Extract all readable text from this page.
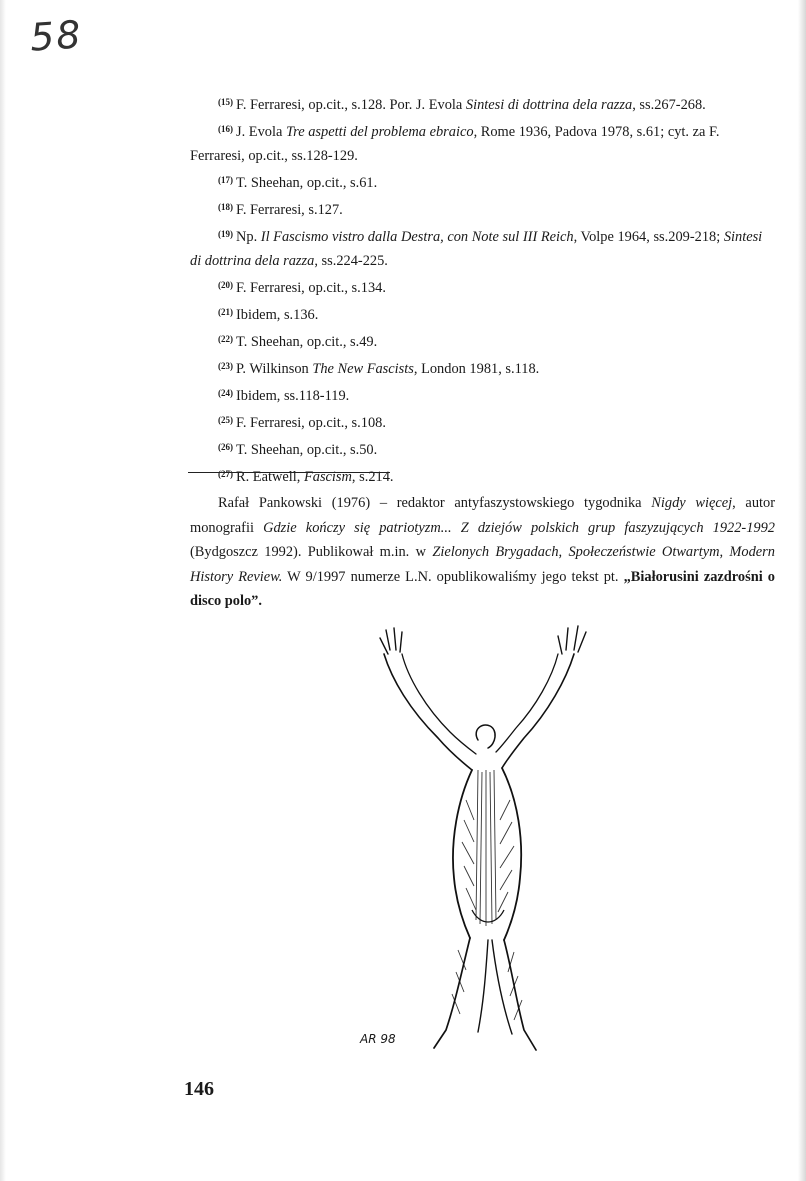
58

$^{(15)}$ F. Ferraresi, op.cit., s.128. Por. J. Evola Sintesi di dottrina dela razza, ss.267-268.

$^{(16)}$ J. Evola Tre aspetti del problema ebraico, Rome 1936, Padova 1978, s.61; cyt. za F. Ferraresi, op.cit., ss.128-129.

$^{(17)}$ T. Sheehan, op.cit., s.61.

$^{(18)}$ F. Ferraresi, s.127.

$^{(19)}$ Np. Il Fascismo vistro dalla Destra, con Note sul III Reich, Volpe 1964, ss.209-218; Sintesi di dottrina dela razza, ss.224-225.

$^{(20)}$ F. Ferraresi, op.cit., s.134.

$^{(21)}$ Ibidem, s.136.

$^{(22)}$ T. Sheehan, op.cit., s.49.

$^{(23)}$ P. Wilkinson The New Fascists, London 1981, s.118.

$^{(24)}$ Ibidem, ss.118-119.

$^{(25)}$ F. Ferraresi, op.cit., s.108.

$^{(26)}$ T. Sheehan, op.cit., s.50.

$^{(27)}$ R. Eatwell, Fascism, s.214.

Rafał Pankowski (1976) – redaktor antyfaszystowskiego tygodnika Nigdy więcej, autor monografii Gdzie kończy się patriotyzm... Z dziejów polskich grup faszyzujących 1922-1992 (Bydgoszcz 1992). Publikował m.in. w Zielonych Brygadach, Społeczeństwie Otwartym, Modern History Review. W 9/1997 numerze L.N. opublikowaliśmy jego tekst pt. „Białorusini zazdrośni o disco polo”.

AR 98
146
